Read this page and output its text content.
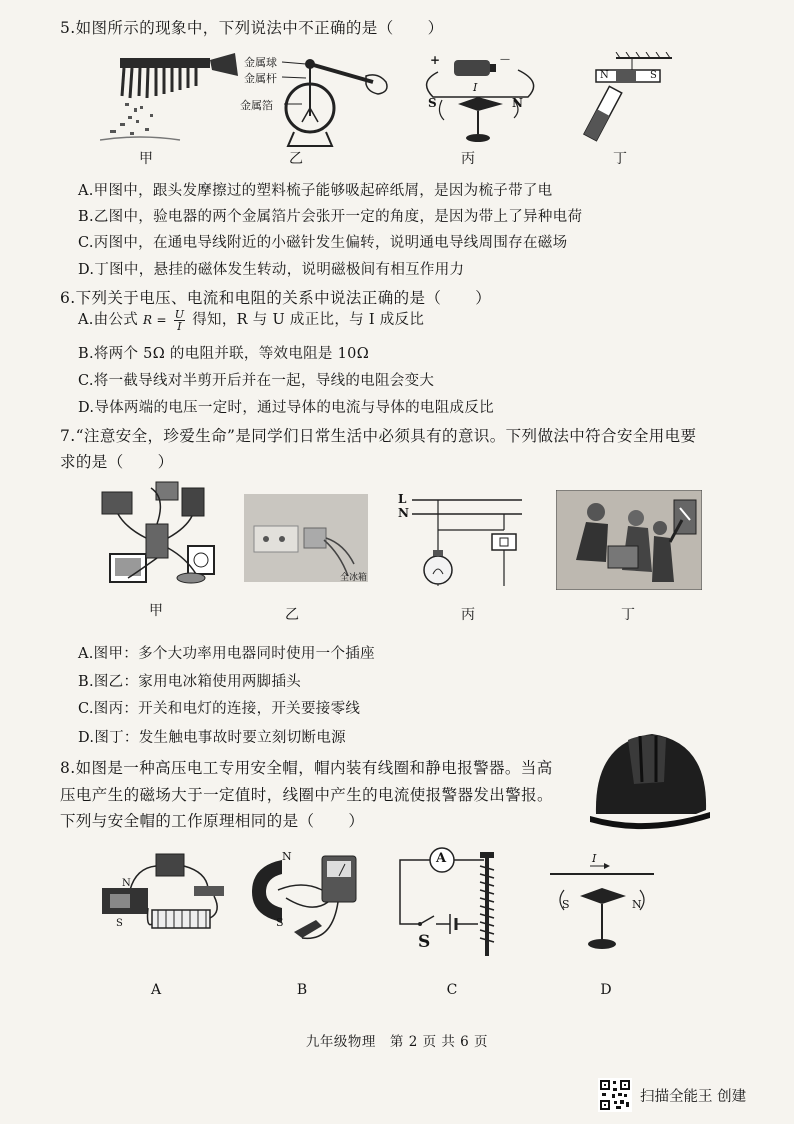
5.如图所示的现象中，下列说法中不正确的是（ ）
甲
金属球
金属杆
金属箔
乙
+	—
I
S	N
丙
N	S
丁
A.甲图中，跟头发摩擦过的塑料梳子能够吸起碎纸屑，是因为梳子带了电
B.乙图中，验电器的两个金属箔片会张开一定的角度，是因为带上了异种电荷
C.丙图中，在通电导线附近的小磁针发生偏转，说明通电导线周围存在磁场
D.丁图中，悬挂的磁体发生转动，说明磁极间有相互作用力
6.下列关于电压、电流和电阻的关系中说法正确的是（ ）
A.由公式 $R = \frac{U}{I}$ 得知，R 与 U 成正比，与 I 成反比
B.将两个 5Ω 的电阻并联，等效电阻是 10Ω
C.将一截导线对半剪开后并在一起，导线的电阻会变大
D.导体两端的电压一定时，通过导体的电流与导体的电阻成反比
7.“注意安全，珍爱生命”是同学们日常生活中必须具有的意识。下列做法中符合安全用电要
求的是（ ）
甲
全冰箱
乙
L
N
丙	丁
A.图甲：多个大功率用电器同时使用一个插座
B.图乙：家用电冰箱使用两脚插头
C.图丙：开关和电灯的连接，开关要接零线
D.图丁：发生触电事故时要立刻切断电源
8.如图是一种高压电工专用安全帽，帽内装有线圈和静电报警器。当高
压电产生的磁场大于一定值时，线圈中产生的电流使报警器发出警报。
下列与安全帽的工作原理相同的是（ ）
N
S
A
N
S
B
A
S
C
I
S	N
D
九年级物理　第 2 页 共 6 页
扫描全能王 创建
